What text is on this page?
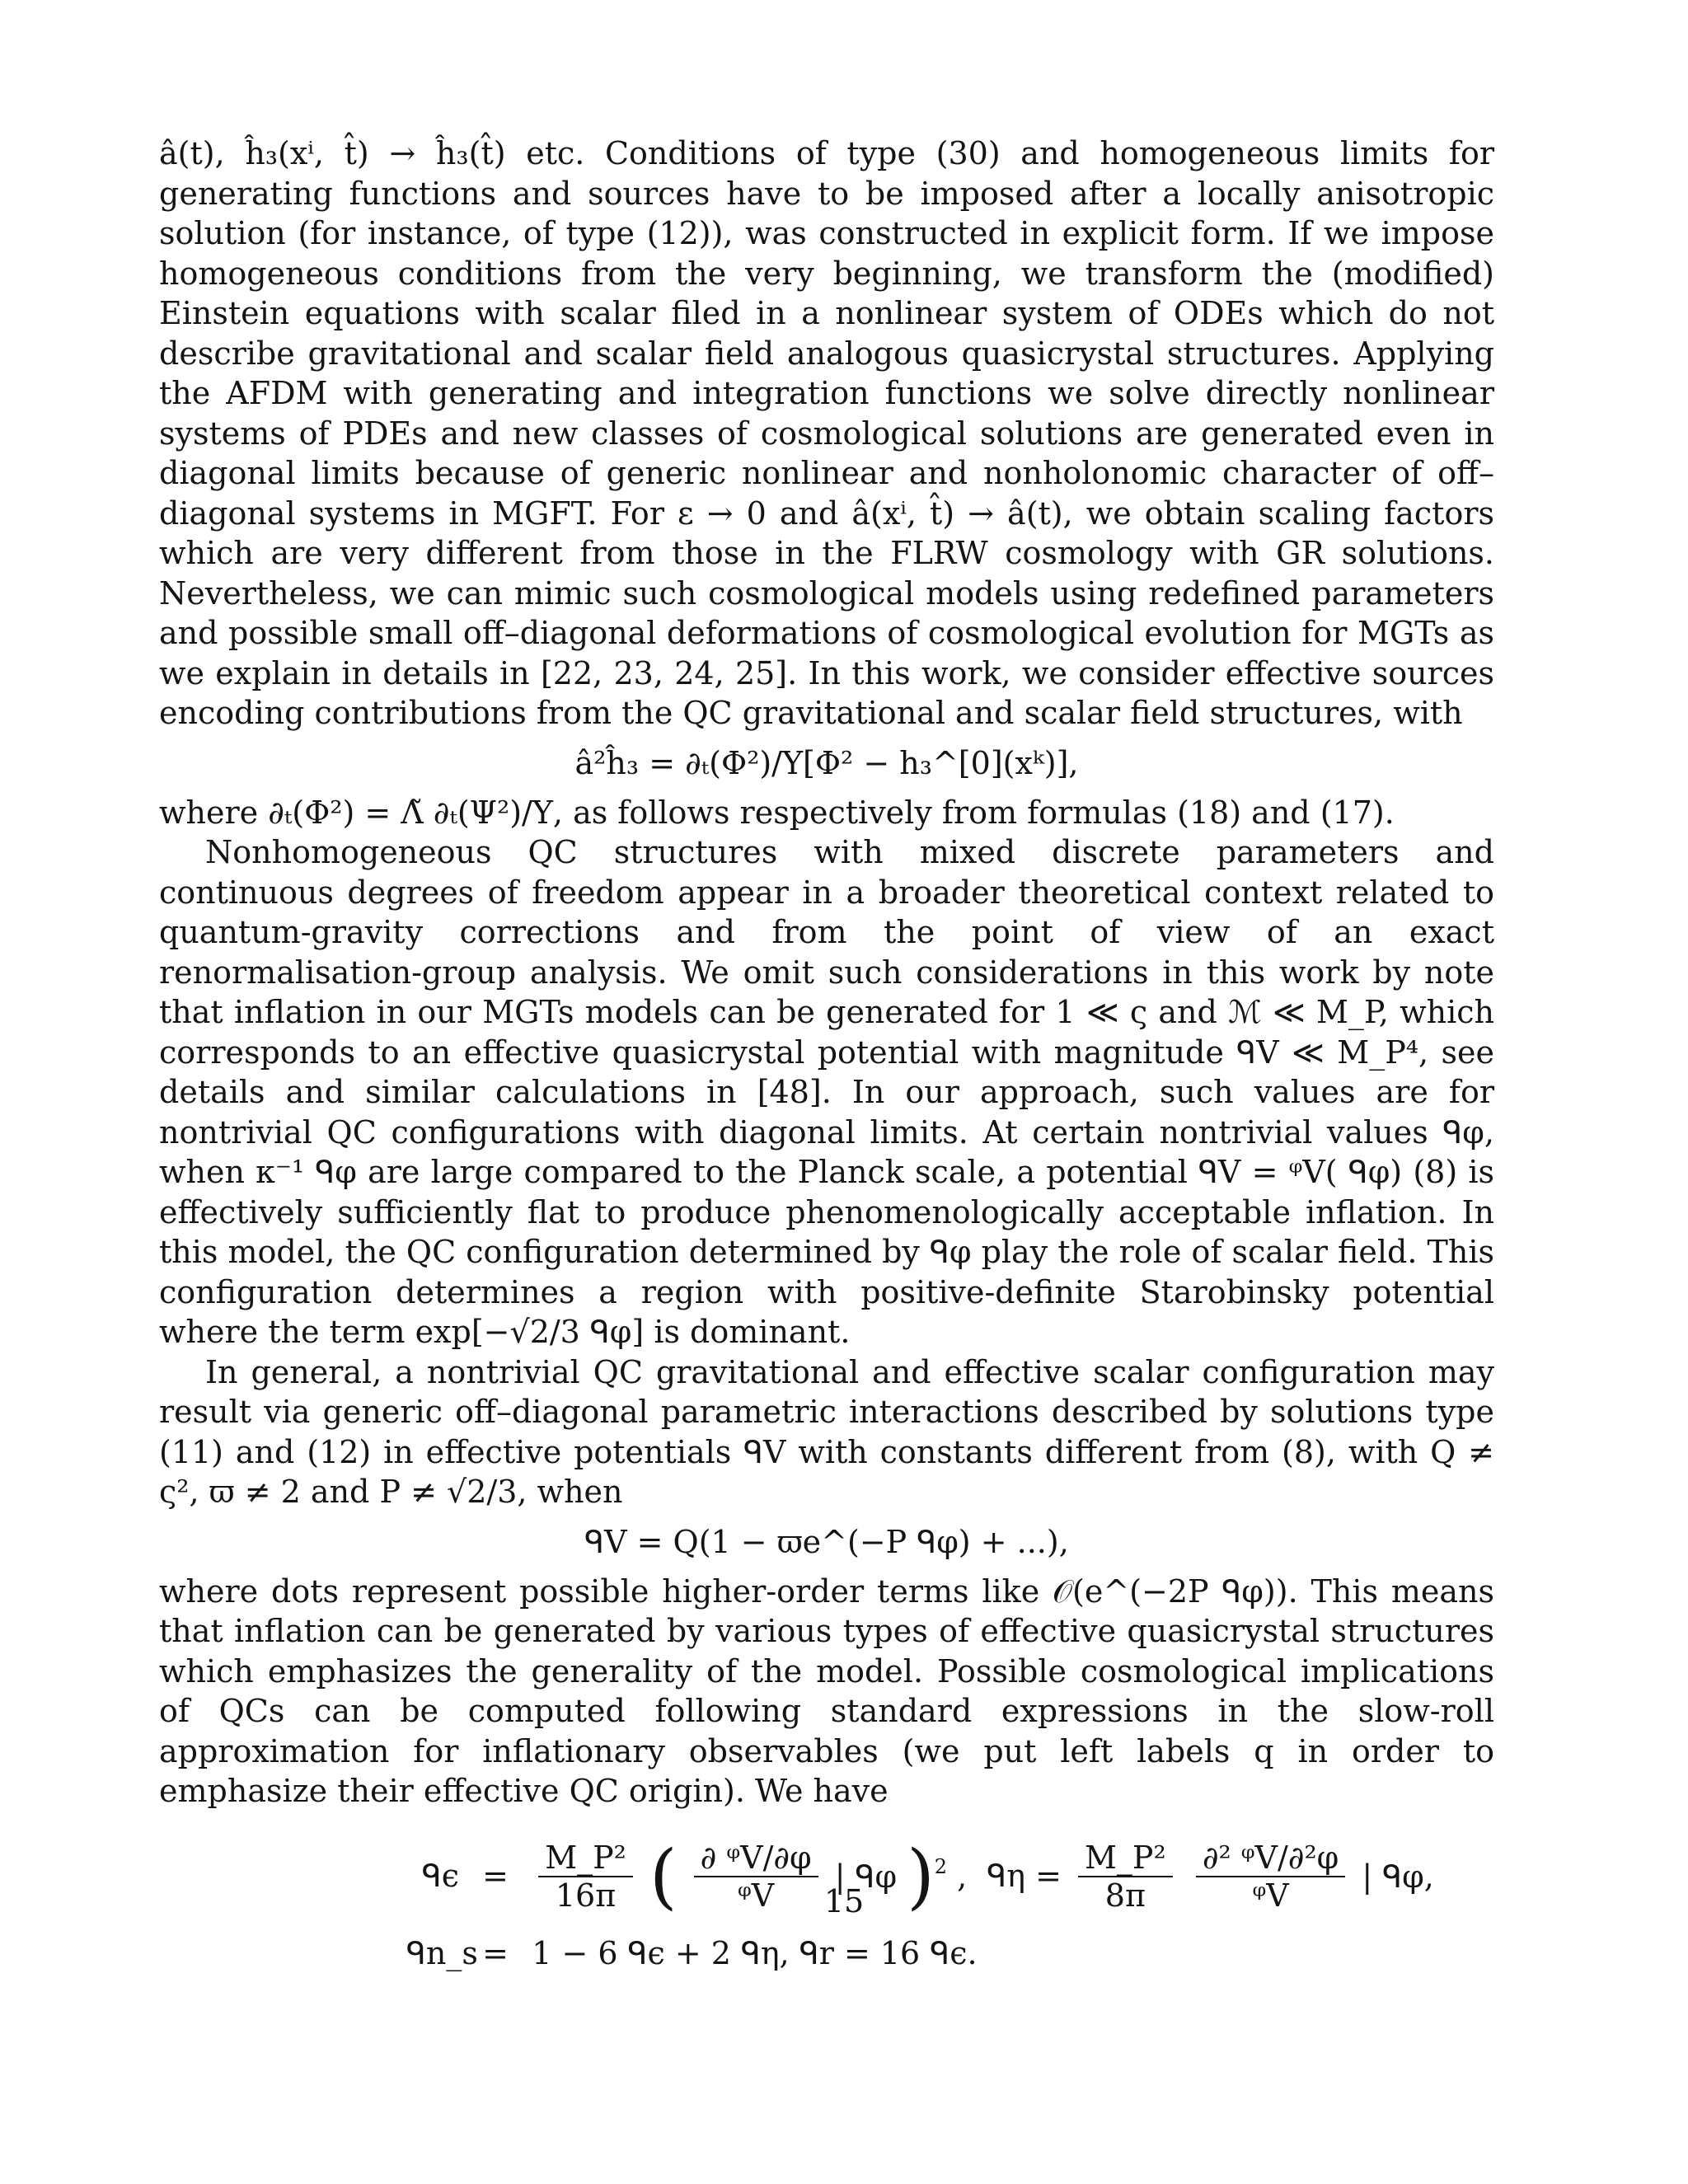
â(t), ĥ₃(xⁱ, t̂) → ĥ₃(t̂) etc. Conditions of type (30) and homogeneous limits for generating functions and sources have to be imposed after a locally anisotropic solution (for instance, of type (12)), was constructed in explicit form. If we impose homogeneous conditions from the very beginning, we transform the (modified) Einstein equations with scalar filed in a nonlinear system of ODEs which do not describe gravitational and scalar field analogous quasicrystal structures. Applying the AFDM with generating and integration functions we solve directly nonlinear systems of PDEs and new classes of cosmological solutions are generated even in diagonal limits because of generic nonlinear and nonholonomic character of off–diagonal systems in MGFT. For ε → 0 and â(xⁱ, t̂) → â(t), we obtain scaling factors which are very different from those in the FLRW cosmology with GR solutions. Nevertheless, we can mimic such cosmological models using redefined parameters and possible small off–diagonal deformations of cosmological evolution for MGTs as we explain in details in [22, 23, 24, 25]. In this work, we consider effective sources encoding contributions from the QC gravitational and scalar field structures, with

â²ĥ₃ = ∂ₜ(Φ²)/Υ[Φ² − h₃^[0](xᵏ)],

where ∂ₜ(Φ²) = Λ̃ ∂ₜ(Ψ²)/Υ, as follows respectively from formulas (18) and (17).

Nonhomogeneous QC structures with mixed discrete parameters and continuous degrees of freedom appear in a broader theoretical context related to quantum-gravity corrections and from the point of view of an exact renormalisation-group analysis. We omit such considerations in this work by note that inflation in our MGTs models can be generated for 1 ≪ ς and ℳ ≪ M_P, which corresponds to an effective quasicrystal potential with magnitude ᑫV ≪ M_P⁴, see details and similar calculations in [48]. In our approach, such values are for nontrivial QC configurations with diagonal limits. At certain nontrivial values ᑫφ, when κ⁻¹ ᑫφ are large compared to the Planck scale, a potential ᑫV = ᵠV( ᑫφ) (8) is effectively sufficiently flat to produce phenomenologically acceptable inflation. In this model, the QC configuration determined by ᑫφ play the role of scalar field. This configuration determines a region with positive-definite Starobinsky potential where the term exp[−√2/3 ᑫφ] is dominant.

In general, a nontrivial QC gravitational and effective scalar configuration may result via generic off–diagonal parametric interactions described by solutions type (11) and (12) in effective potentials ᑫV with constants different from (8), with Q ≠ ς², ϖ ≠ 2 and P ≠ √2/3, when

ᑫV = Q(1 − ϖe^(−P ᑫφ) + ...),

where dots represent possible higher-order terms like 𝒪(e^(−2P ᑫφ)). This means that inflation can be generated by various types of effective quasicrystal structures which emphasizes the generality of the model. Possible cosmological implications of QCs can be computed following standard expressions in the slow-roll approximation for inflationary observables (we put left labels q in order to emphasize their effective QC origin). We have

ᑫϵ = $\frac{\text{M\_P²}}{16\pi}$ ( $\frac{\text{∂ ᵠV/∂φ}}{\text{ᵠV}}$ | ᑫφ )$^2$ , ᑫη = $\frac{\text{M\_P²}}{8\pi}$
$\frac{\text{∂² ᵠV/∂²φ}}{\text{ᵠV}}$ | ᑫφ,
ᑫn_s = 1 − 6 ᑫϵ + 2 ᑫη, ᑫr = 16 ᑫϵ.
15
